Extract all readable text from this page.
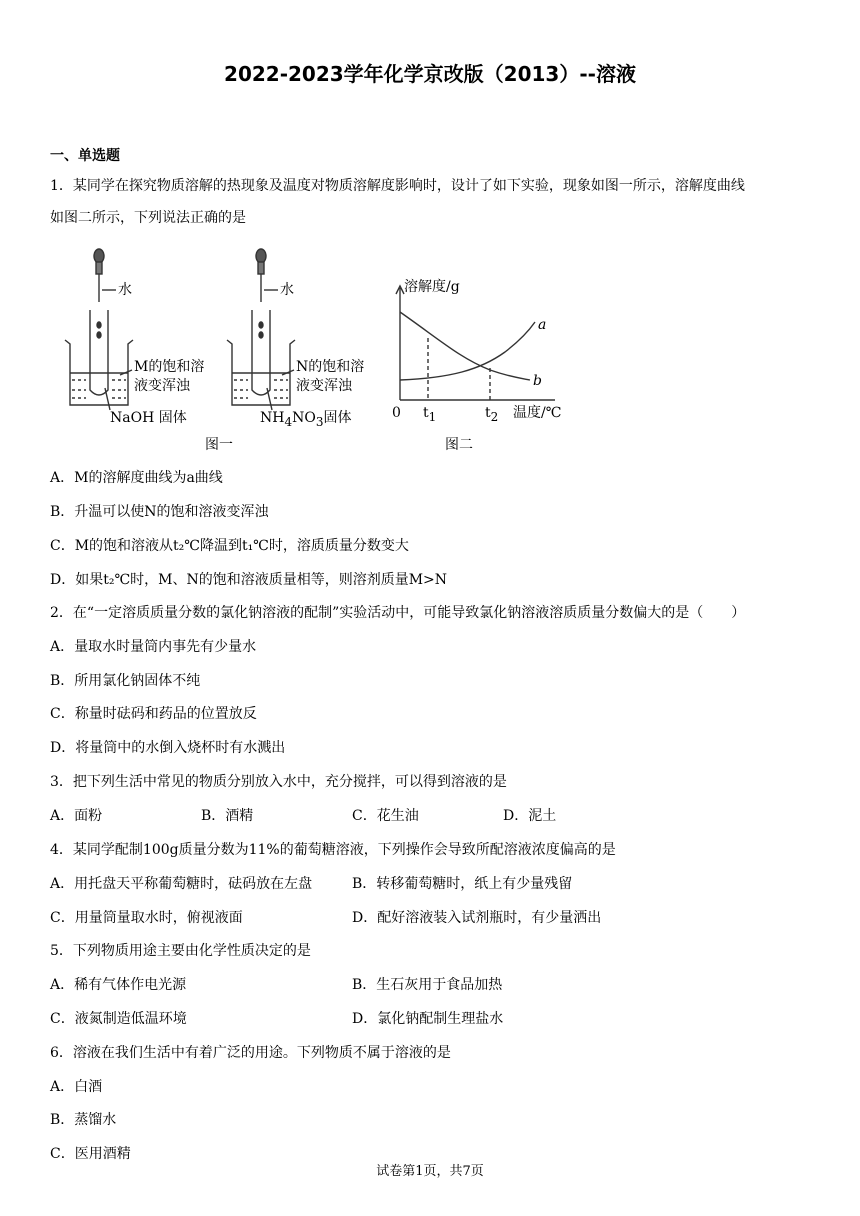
2022-2023学年化学京改版（2013）--溶液
一、单选题
1．某同学在探究物质溶解的热现象及温度对物质溶解度影响时，设计了如下实验，现象如图一所示，溶解度曲线
如图二所示，下列说法正确的是
水	水
M的饱和溶
液变浑浊
NaOH 固体
N的饱和溶
液变浑浊
$NH_4NO_3$固体
图一	图二
溶解度/g
温度/℃
0 $t_1$	$t_2$
a
b
A．M的溶解度曲线为a曲线
B．升温可以使N的饱和溶液变浑浊
C．M的饱和溶液从t₂℃降温到t₁℃时，溶质质量分数变大
D．如果t₂℃时，M、N的饱和溶液质量相等，则溶剂质量M>N
2．在“一定溶质质量分数的氯化钠溶液的配制”实验活动中，可能导致氯化钠溶液溶质质量分数偏大的是（　　）
A．量取水时量筒内事先有少量水
B．所用氯化钠固体不纯
C．称量时砝码和药品的位置放反
D．将量筒中的水倒入烧杯时有水溅出
3．把下列生活中常见的物质分别放入水中，充分搅拌，可以得到溶液的是
A．面粉	B．酒精	C．花生油	D．泥土
4．某同学配制100g质量分数为11%的葡萄糖溶液，下列操作会导致所配溶液浓度偏高的是
A．用托盘天平称葡萄糖时，砝码放在左盘	B．转移葡萄糖时，纸上有少量残留
C．用量筒量取水时，俯视液面	D．配好溶液装入试剂瓶时，有少量洒出
5．下列物质用途主要由化学性质决定的是
A．稀有气体作电光源	B．生石灰用于食品加热
C．液氮制造低温环境	D．氯化钠配制生理盐水
6．溶液在我们生活中有着广泛的用途。下列物质不属于溶液的是
A．白酒
B．蒸馏水
C．医用酒精
试卷第1页，共7页
